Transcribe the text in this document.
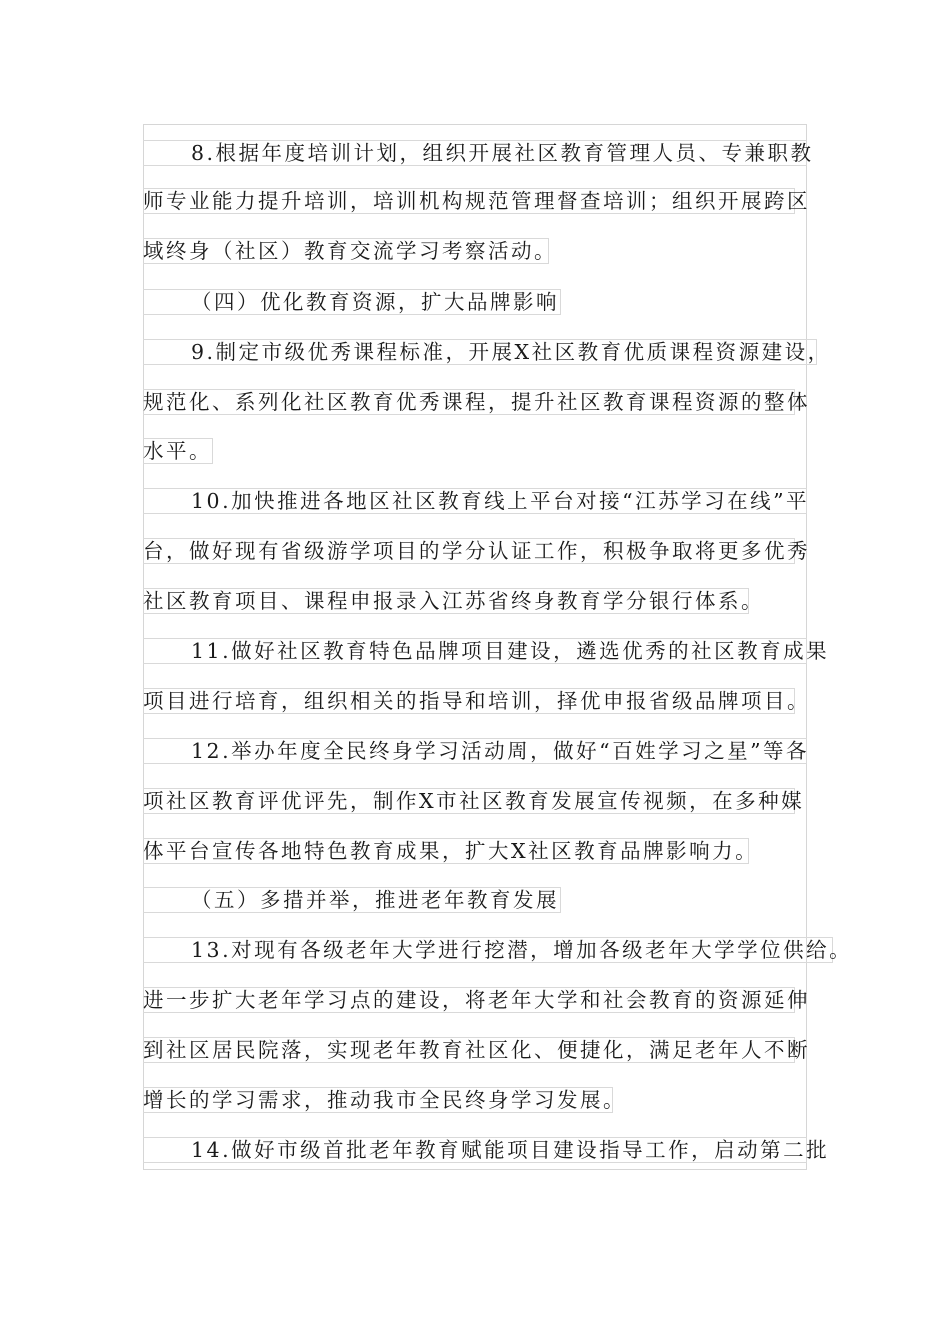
8.根据年度培训计划，组织开展社区教育管理人员、专兼职教
师专业能力提升培训，培训机构规范管理督查培训；组织开展跨区
域终身（社区）教育交流学习考察活动。
（四）优化教育资源，扩大品牌影响
9.制定市级优秀课程标准，开展X社区教育优质课程资源建设，
规范化、系列化社区教育优秀课程，提升社区教育课程资源的整体
水平。
10.加快推进各地区社区教育线上平台对接“江苏学习在线”平
台，做好现有省级游学项目的学分认证工作，积极争取将更多优秀
社区教育项目、课程申报录入江苏省终身教育学分银行体系。
11.做好社区教育特色品牌项目建设，遴选优秀的社区教育成果
项目进行培育，组织相关的指导和培训，择优申报省级品牌项目。
12.举办年度全民终身学习活动周，做好“百姓学习之星”等各
项社区教育评优评先，制作X市社区教育发展宣传视频，在多种媒
体平台宣传各地特色教育成果，扩大X社区教育品牌影响力。
（五）多措并举，推进老年教育发展
13.对现有各级老年大学进行挖潜，增加各级老年大学学位供给。
进一步扩大老年学习点的建设，将老年大学和社会教育的资源延伸
到社区居民院落，实现老年教育社区化、便捷化，满足老年人不断
增长的学习需求，推动我市全民终身学习发展。
14.做好市级首批老年教育赋能项目建设指导工作，启动第二批
